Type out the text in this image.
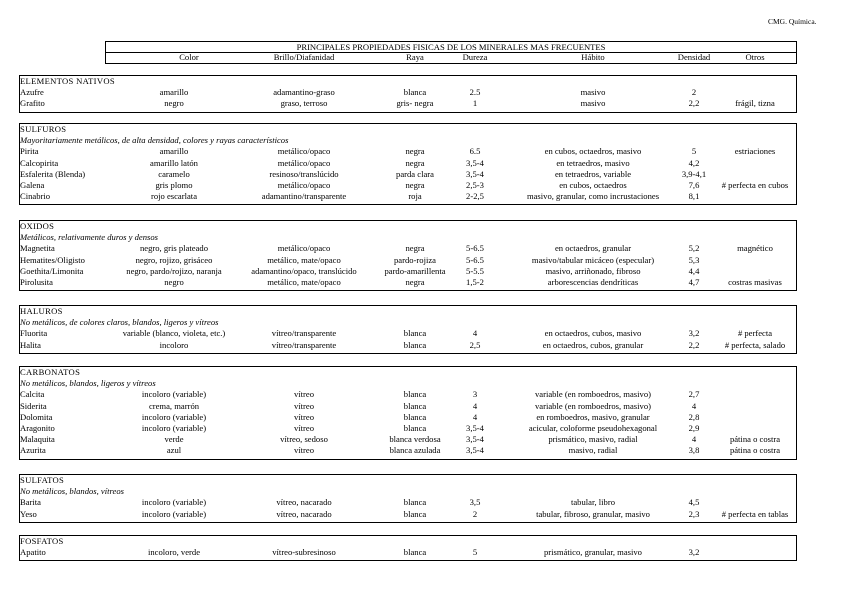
CMG. Química.
PRINCIPALES PROPIEDADES FISICAS DE LOS MINERALES MAS FRECUENTES
Color	Brillo/Diafanidad	Raya	Dureza	Hábito	Densidad	Otros
ELEMENTOS NATIVOS
Azufre	amarillo	adamantino-graso	blanca	2.5	masivo	2
Grafito	negro	graso, terroso	gris- negra	1	masivo	2,2	frágil, tizna
SULFUROS
Mayoritariamente metálicos, de alta densidad, colores y rayas característicos
Pirita	amarillo	metálico/opaco	negra	6.5	en cubos, octaedros, masivo	5	estriaciones
Calcopirita	amarillo latón	metálico/opaco	negra	3,5-4	en tetraedros, masivo	4,2
Esfalerita (Blenda)	caramelo	resinoso/translúcido	parda clara	3,5-4	en tetraedros, variable	3,9-4,1
Galena	gris plomo	metálico/opaco	negra	2,5-3	en cubos, octaedros	7,6	# perfecta en cubos
Cinabrio	rojo escarlata	adamantino/transparente	roja	2-2,5	masivo, granular, como incrustaciones	8,1
OXIDOS
Metálicos, relativamente duros y densos
Magnetita	negro, gris plateado	metálico/opaco	negra	5-6.5	en octaedros, granular	5,2	magnético
Hematites/Oligisto	negro, rojizo, grisáceo	metálico, mate/opaco	pardo-rojiza	5-6.5	masivo/tabular micáceo (especular)	5,3
Goethita/Limonita	negro, pardo/rojizo, naranja	adamantino/opaco, translúcido	pardo-amarillenta	5-5.5	masivo, arriñonado, fibroso	4,4
Pirolusita	negro	metálico, mate/opaco	negra	1,5-2	arborescencias dendríticas	4,7	costras masivas
HALUROS
No metálicos, de colores claros, blandos, ligeros y vítreos
Fluorita	variable (blanco, violeta, etc.)	vítreo/transparente	blanca	4	en octaedros, cubos, masivo	3,2	# perfecta
Halita	incoloro	vítreo/transparente	blanca	2,5	en octaedros, cubos, granular	2,2	# perfecta, salado
CARBONATOS
No metálicos, blandos, ligeros y vítreos
Calcita	incoloro (variable)	vítreo	blanca	3	variable (en romboedros, masivo)	2,7
Siderita	crema, marrón	vítreo	blanca	4	variable (en romboedros, masivo)	4
Dolomita	incoloro (variable)	vítreo	blanca	4	en romboedros, masivo, granular	2,8
Aragonito	incoloro (variable)	vítreo	blanca	3,5-4	acicular, coloforme pseudohexagonal	2,9
Malaquita	verde	vítreo, sedoso	blanca verdosa	3,5-4	prismático, masivo, radial	4	pátina o costra
Azurita	azul	vítreo	blanca azulada	3,5-4	masivo, radial	3,8	pátina o costra
SULFATOS
No metálicos, blandos, vítreos
Barita	incoloro (variable)	vítreo, nacarado	blanca	3,5	tabular, libro	4,5
Yeso	incoloro (variable)	vítreo, nacarado	blanca	2	tabular, fibroso, granular, masivo	2,3	# perfecta en tablas
FOSFATOS
Apatito	incoloro, verde	vítreo-subresinoso	blanca	5	prismático, granular, masivo	3,2
